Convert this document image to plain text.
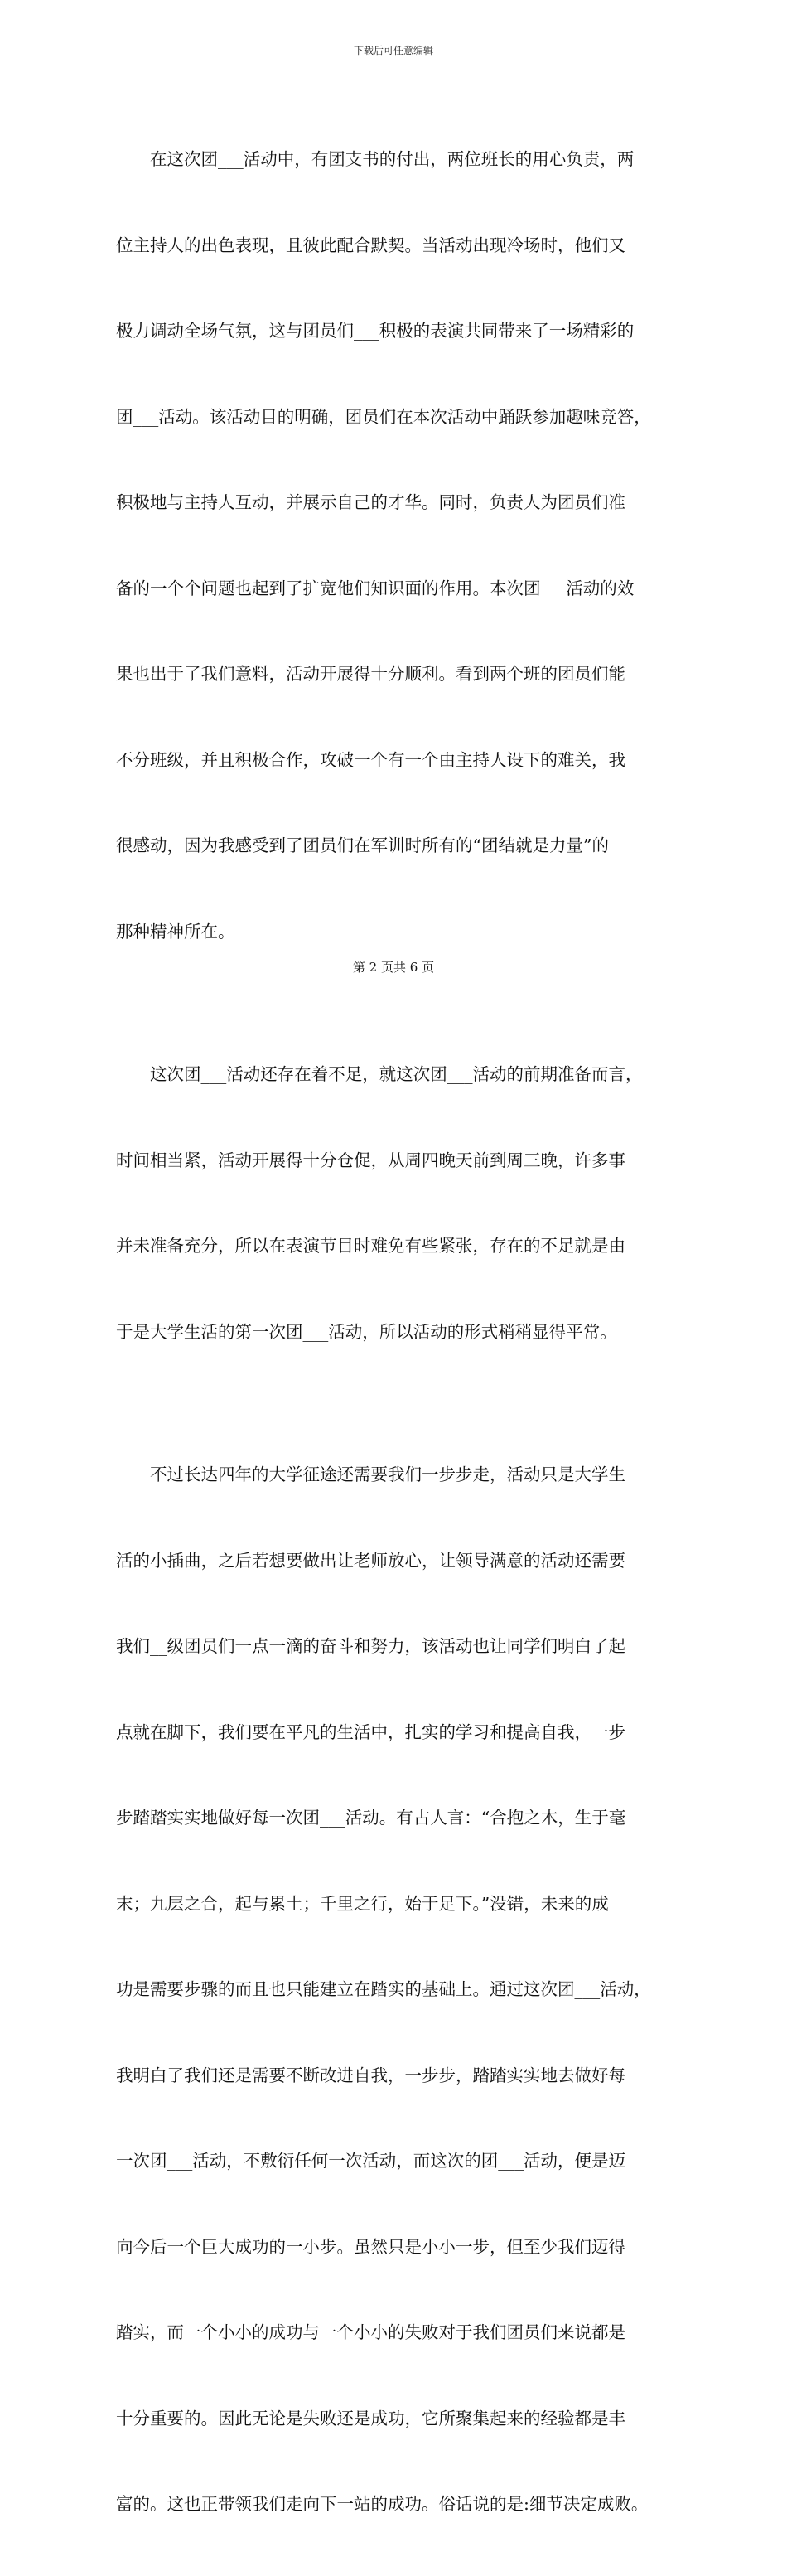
下载后可任意编辑

　　在这次团___活动中，有团支书的付出，两位班长的用心负责，两

位主持人的出色表现，且彼此配合默契。当活动出现冷场时，他们又

极力调动全场气氛，这与团员们___积极的表演共同带来了一场精彩的

团___活动。该活动目的明确，团员们在本次活动中踊跃参加趣味竞答，

积极地与主持人互动，并展示自己的才华。同时，负责人为团员们准

备的一个个问题也起到了扩宽他们知识面的作用。本次团___活动的效

果也出于了我们意料，活动开展得十分顺利。看到两个班的团员们能

不分班级，并且积极合作，攻破一个有一个由主持人设下的难关，我

很感动，因为我感受到了团员们在军训时所有的“团结就是力量”的

那种精神所在。

　　这次团___活动还存在着不足，就这次团___活动的前期准备而言，

时间相当紧，活动开展得十分仓促，从周四晚天前到周三晚，许多事

并未准备充分，所以在表演节目时难免有些紧张，存在的不足就是由

于是大学生活的第一次团___活动，所以活动的形式稍稍显得平常。

　　不过长达四年的大学征途还需要我们一步步走，活动只是大学生

活的小插曲，之后若想要做出让老师放心，让领导满意的活动还需要

我们__级团员们一点一滴的奋斗和努力，该活动也让同学们明白了起

点就在脚下，我们要在平凡的生活中，扎实的学习和提高自我，一步

步踏踏实实地做好每一次团___活动。有古人言：“合抱之木，生于毫

末；九层之合，起与累土；千里之行，始于足下。”没错，未来的成

功是需要步骤的而且也只能建立在踏实的基础上。通过这次团___活动，

我明白了我们还是需要不断改进自我，一步步，踏踏实实地去做好每

一次团___活动，不敷衍任何一次活动，而这次的团___活动，便是迈

向今后一个巨大成功的一小步。虽然只是小小一步，但至少我们迈得

踏实，而一个小小的成功与一个小小的失败对于我们团员们来说都是

十分重要的。因此无论是失败还是成功，它所聚集起来的经验都是丰

富的。这也正带领我们走向下一站的成功。俗话说的是:细节决定成败。

第 2 页共 6 页
